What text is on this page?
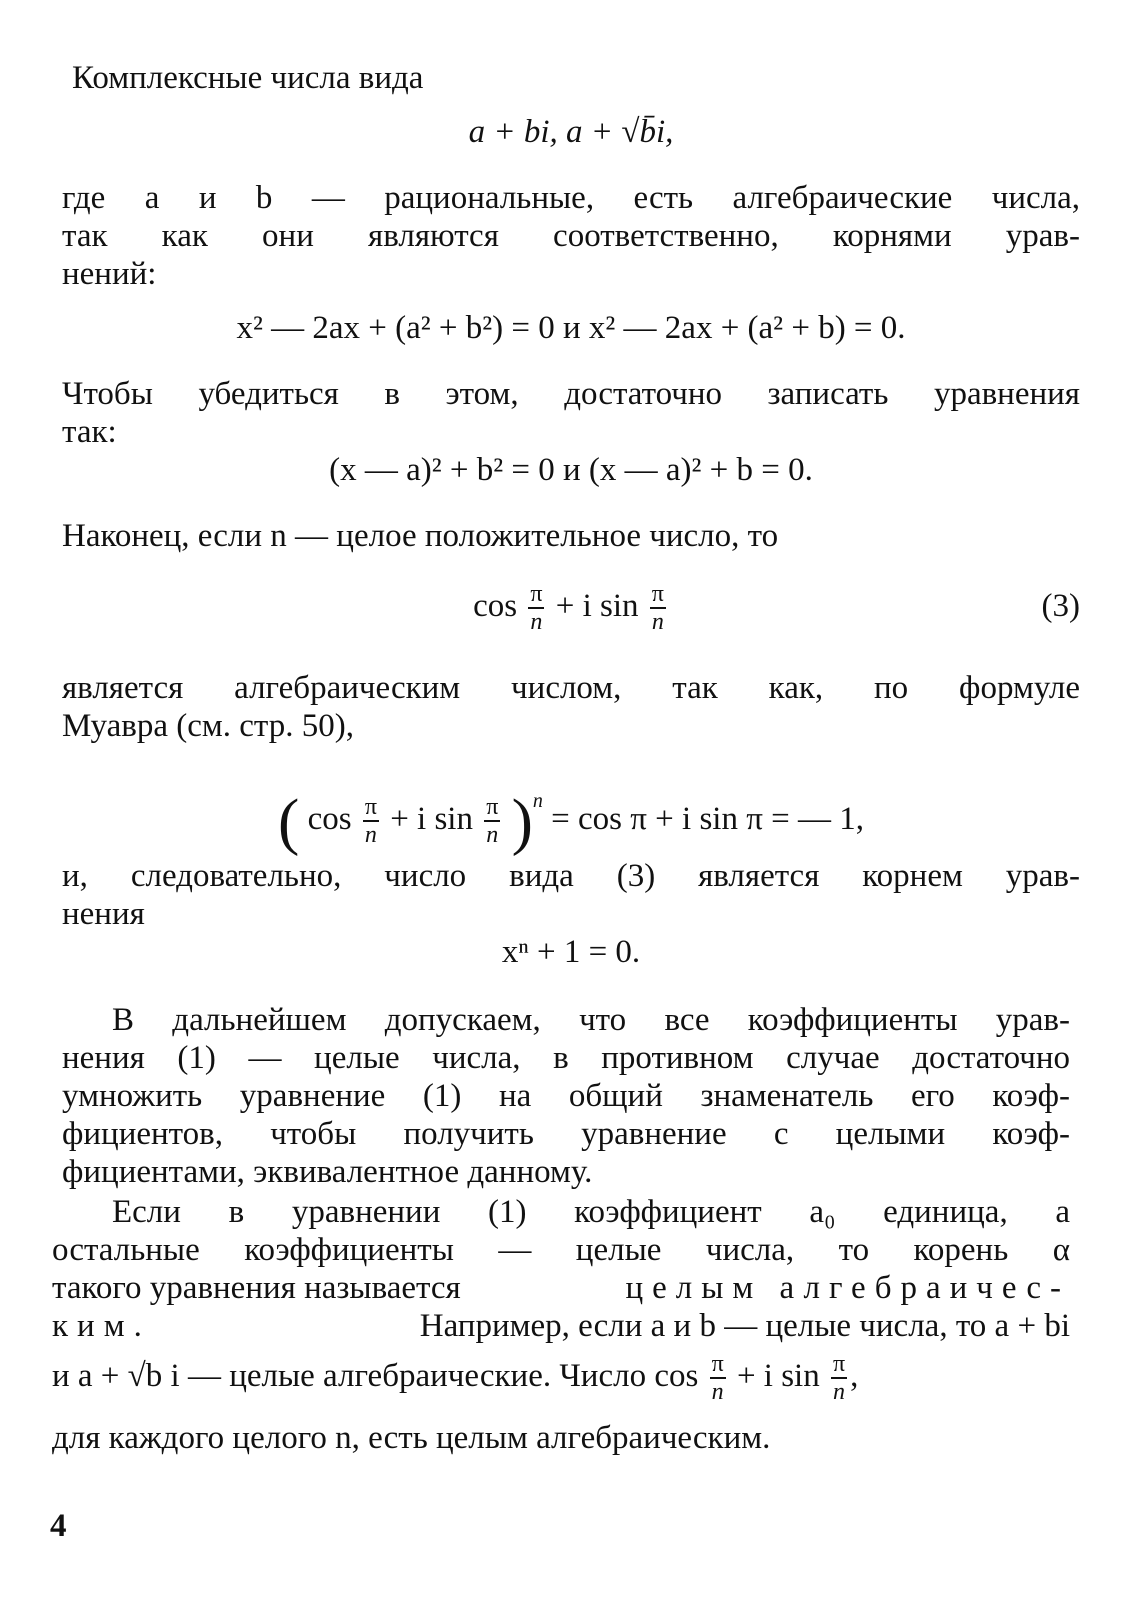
Комплексные числа вида
a + bi, a + √b̄i,
где a и b — рациональные, есть алгебраические числа,
так как они являются соответственно, корнями урав-
нений:
x² — 2ax + (a² + b²) = 0 и x² — 2ax + (a² + b) = 0.
Чтобы убедиться в этом, достаточно записать уравнения
так:
(x — a)² + b² = 0 и (x — a)² + b = 0.
Наконец, если n — целое положительное число, то
$\cos \frac{\pi}{n} + i$ $\sin \frac{\pi}{n}$	(3)
является алгебраическим числом, так как, по формуле
Муавра (см. стр. 50),
( $\cos \frac{\pi}{n} + i$ $\sin \frac{\pi}{n} )^n = \cos \pi + i$ sin π = — 1,
и, следовательно, число вида (3) является корнем урав-
нения
xⁿ + 1 = 0.
В дальнейшем допускаем, что все коэффициенты урав-
нения (1) — целые числа, в противном случае достаточно
умножить уравнение (1) на общий знаменатель его коэф-
фициентов, чтобы получить уравнение с целыми коэф-
фициентами, эквивалентное данному.
Если в уравнении (1) коэффициент a₀ единица, а
остальные коэффициенты — целые числа, то корень α
такого уравнения называется	целым алгебраичес-
ким.	Например, если a и b — целые числа, то a + bi
и a + √b i — целые алгебраические. Число $\cos \frac{\pi}{n} + i$ $\sin \frac{\pi}{n}$ ,
для каждого целого n, есть целым алгебраическим.
4
